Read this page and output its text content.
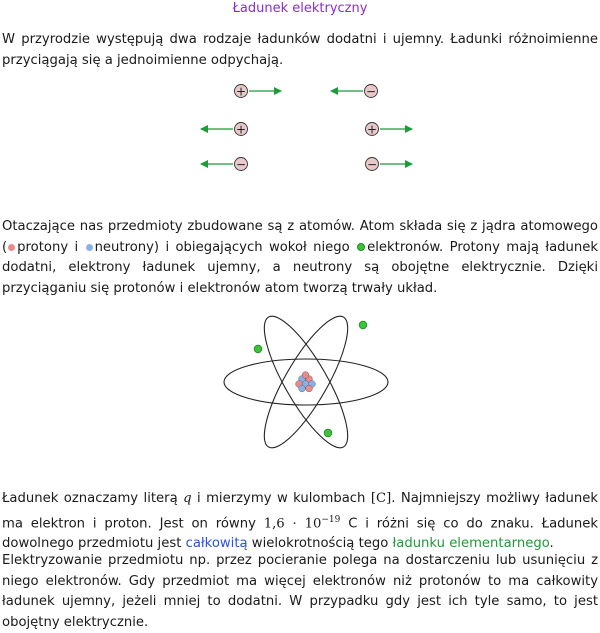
Ładunek elektryczny

W przyrodzie występują dwa rodzaje ładunków dodatni i ujemny. Ładunki różnoimienne przyciągają się a jednoimienne odpychają.

+	−
+	+
−	−

Otaczające nas przedmioty zbudowane są z atomów. Atom składa się z jądra atomowego ( protony i neutrony) i obiegających wokoł niego elektronów. Protony mają ładunek dodatni, elektrony ładunek ujemny, a neutrony są obojętne elektrycznie. Dzięki przyciąganiu się protonów i elektronów atom tworzą trwały układ.

Ładunek oznaczamy literą q i mierzymy w kulombach [C]. Najmniejszy możliwy ładunek ma elektron i proton. Jest on równy $1,6 \cdot 10^{-19}$ C i różni się co do znaku. Ładunek dowolnego przedmiotu jest całkowitą wielokrotnością tego ładunku elementarnego.

Elektryzowanie przedmiotu np. przez pocieranie polega na dostarczeniu lub usunięciu z niego elektronów. Gdy przedmiot ma więcej elektronów niż protonów to ma całkowity ładunek ujemny, jeżeli mniej to dodatni. W przypadku gdy jest ich tyle samo, to jest obojętny elektrycznie.
